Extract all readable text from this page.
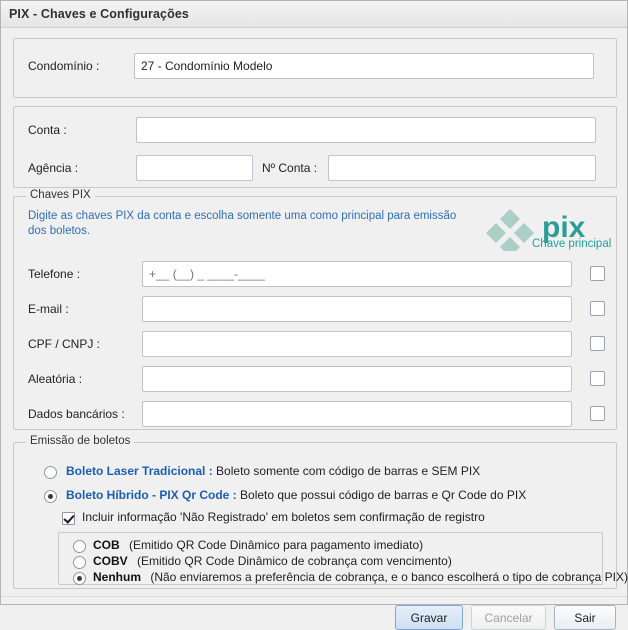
PIX - Chaves e Configurações
Condomínio :
27 - Condomínio Modelo
Conta :
Agência :	Nº Conta :
Chaves PIX
Digite as chaves PIX da conta e escolha somente uma como principal para emissão dos boletos.	pix
Chave principal
Telefone :
+__ (__) _ ____-____
E-mail :
CPF / CNPJ :
Aleatória :
Dados bancários :
Emissão de boletos
Boleto Laser Tradicional : Boleto somente com código de barras e SEM PIX
Boleto Híbrido - PIX Qr Code : Boleto que possui código de barras e Qr Code do PIX
Incluir informação 'Não Registrado' em boletos sem confirmação de registro
COB (Emitido QR Code Dinâmico para pagamento imediato)
COBV (Emitido QR Code Dinâmico de cobrança com vencimento)
Nenhum (Não enviaremos a preferência de cobrança, e o banco escolherá o tipo de cobrança PIX)
Gravar	Cancelar	Sair
